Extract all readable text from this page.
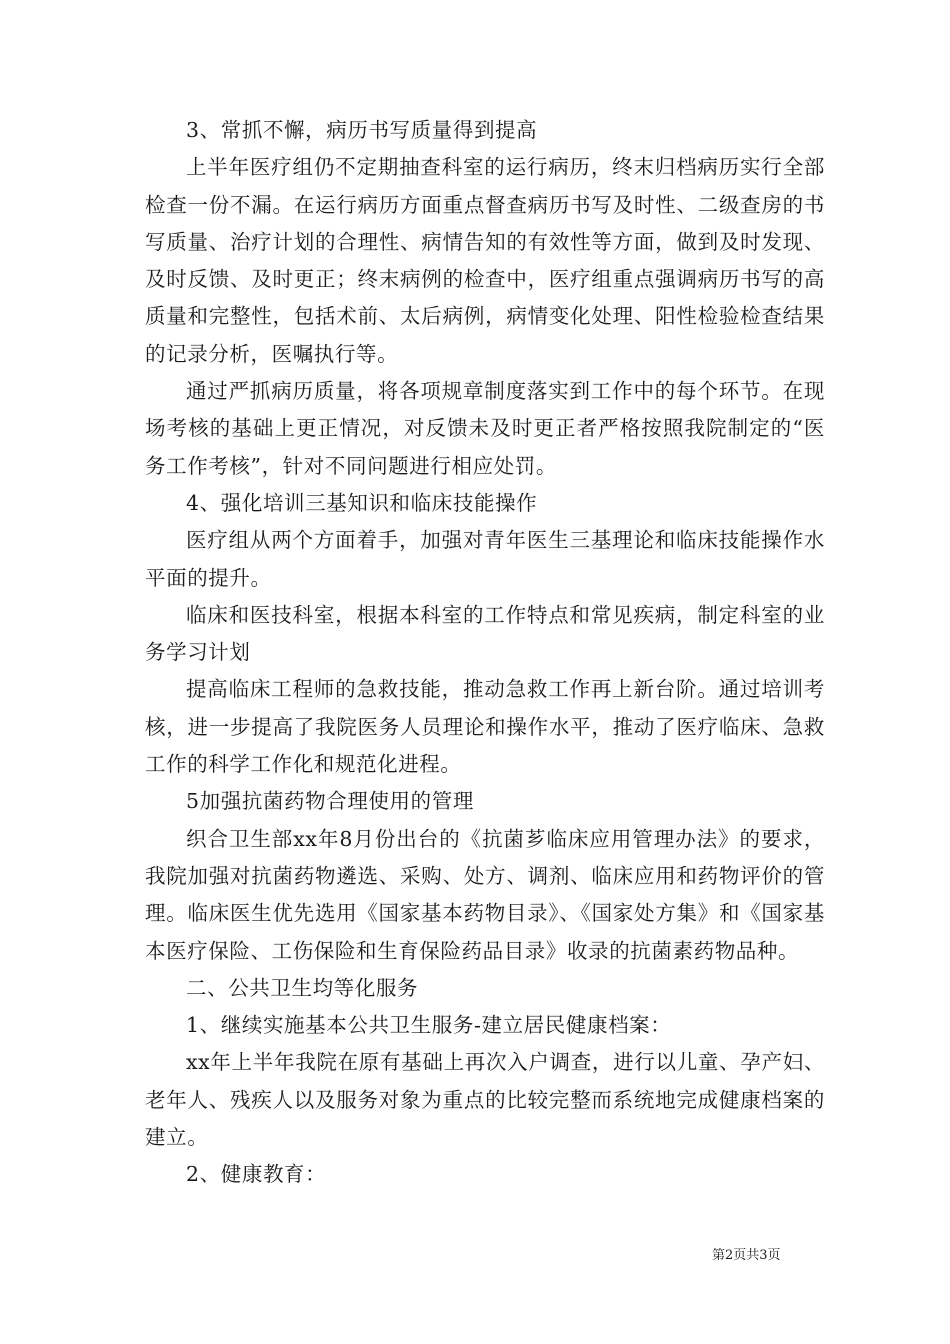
3、常抓不懈，病历书写质量得到提高

上半年医疗组仍不定期抽查科室的运行病历，终末归档病历实行全部检查一份不漏。在运行病历方面重点督查病历书写及时性、二级查房的书写质量、治疗计划的合理性、病情告知的有效性等方面，做到及时发现、及时反馈、及时更正；终末病例的检查中，医疗组重点强调病历书写的高质量和完整性，包括术前、太后病例，病情变化处理、阳性检验检查结果的记录分析，医嘱执行等。

通过严抓病历质量，将各项规章制度落实到工作中的每个环节。在现场考核的基础上更正情况，对反馈未及时更正者严格按照我院制定的“医务工作考核”，针对不同问题进行相应处罚。

4、强化培训三基知识和临床技能操作

医疗组从两个方面着手，加强对青年医生三基理论和临床技能操作水平面的提升。

临床和医技科室，根据本科室的工作特点和常见疾病，制定科室的业务学习计划

提高临床工程师的急救技能，推动急救工作再上新台阶。通过培训考核，进一步提高了我院医务人员理论和操作水平，推动了医疗临床、急救工作的科学工作化和规范化进程。

5加强抗菌药物合理使用的管理

织合卫生部xx年8月份出台的《抗菌芗临床应用管理办法》的要求，我院加强对抗菌药物遴选、采购、处方、调剂、临床应用和药物评价的管理。临床医生优先选用《国家基本药物目录》、《国家处方集》和《国家基本医疗保险、工伤保险和生育保险药品目录》收录的抗菌素药物品种。

二、公共卫生均等化服务

1、继续实施基本公共卫生服务-建立居民健康档案：

xx年上半年我院在原有基础上再次入户调查，进行以儿童、孕产妇、老年人、残疾人以及服务对象为重点的比较完整而系统地完成健康档案的建立。

2、健康教育：

第2页共3页
